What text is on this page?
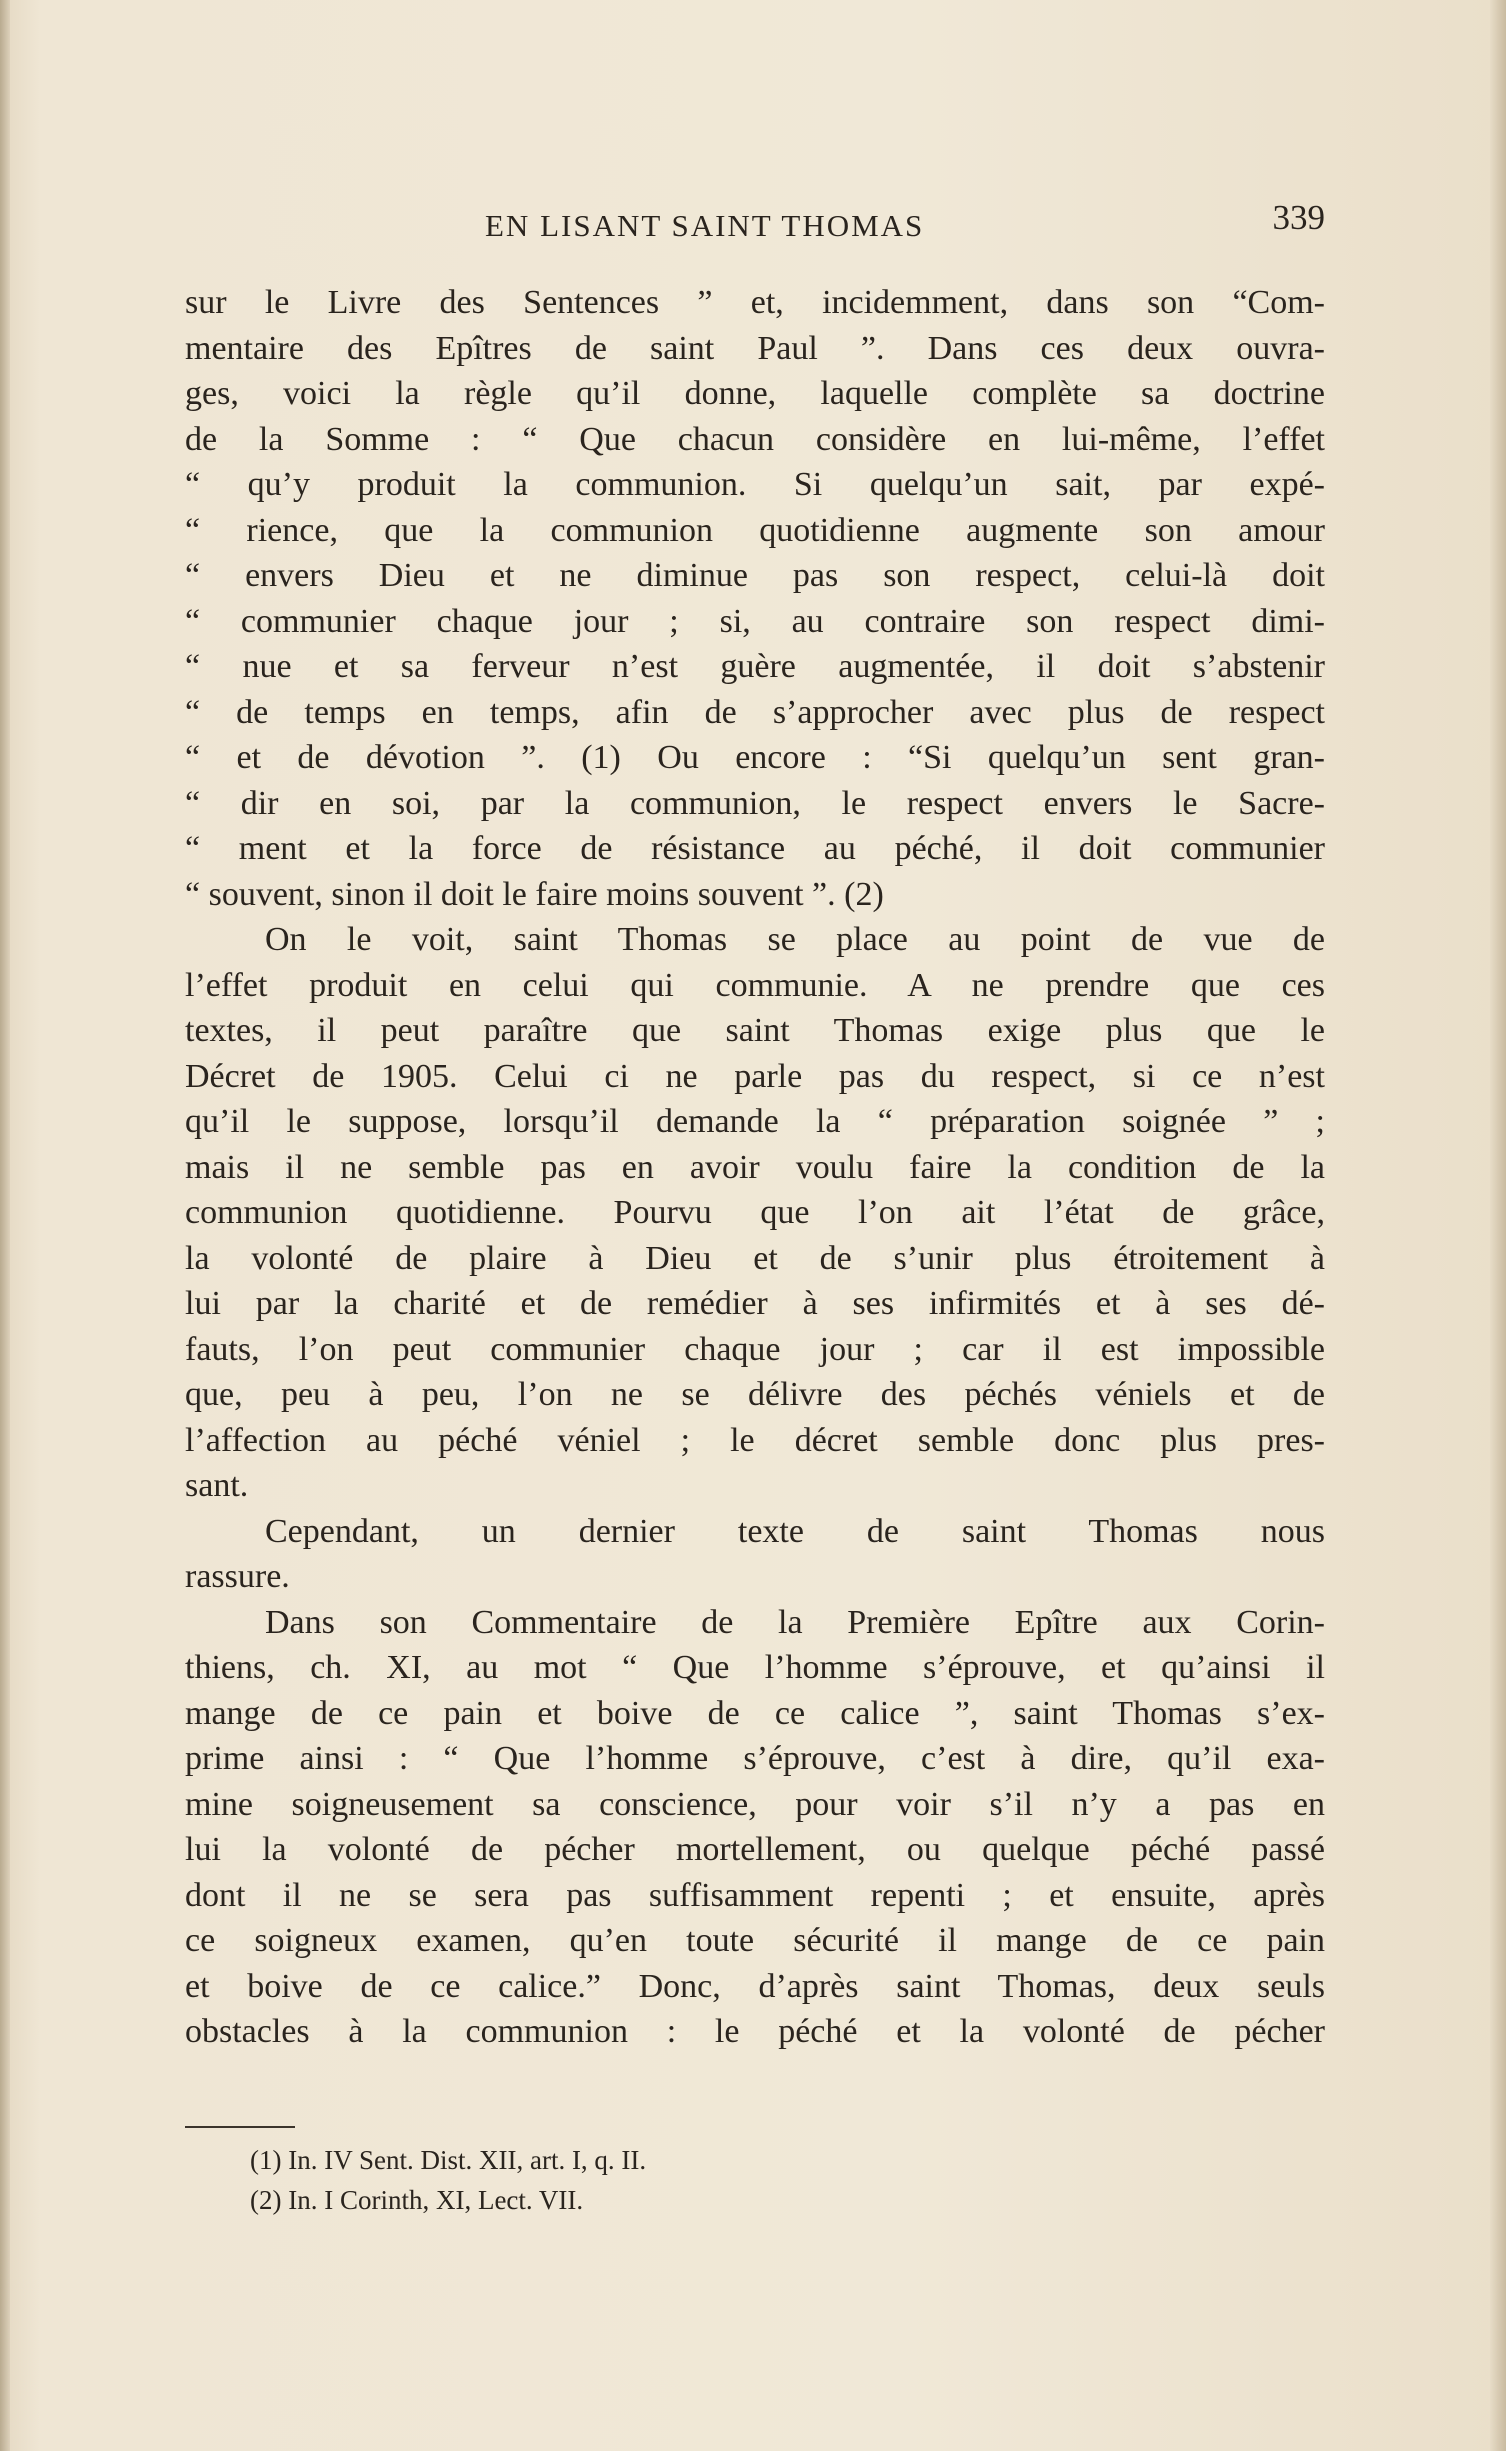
EN LISANT SAINT THOMAS	339
sur le Livre des Sentences ” et, incidemment, dans son “Com-
mentaire des Epîtres de saint Paul ”. Dans ces deux ouvra-
ges, voici la règle qu’il donne, laquelle complète sa doctrine
de la Somme : “ Que chacun considère en lui-même, l’effet
“ qu’y produit la communion. Si quelqu’un sait, par expé-
“ rience, que la communion quotidienne augmente son amour
“ envers Dieu et ne diminue pas son respect, celui-là doit
“ communier chaque jour ; si, au contraire son respect dimi-
“ nue et sa ferveur n’est guère augmentée, il doit s’abstenir
“ de temps en temps, afin de s’approcher avec plus de respect
“ et de dévotion ”. (1) Ou encore : “Si quelqu’un sent gran-
“ dir en soi, par la communion, le respect envers le Sacre-
“ ment et la force de résistance au péché, il doit communier
“ souvent, sinon il doit le faire moins souvent ”. (2)
On le voit, saint Thomas se place au point de vue de
l’effet produit en celui qui communie. A ne prendre que ces
textes, il peut paraître que saint Thomas exige plus que le
Décret de 1905. Celui ci ne parle pas du respect, si ce n’est
qu’il le suppose, lorsqu’il demande la “ préparation soignée ” ;
mais il ne semble pas en avoir voulu faire la condition de la
communion quotidienne. Pourvu que l’on ait l’état de grâce,
la volonté de plaire à Dieu et de s’unir plus étroitement à
lui par la charité et de remédier à ses infirmités et à ses dé-
fauts, l’on peut communier chaque jour ; car il est impossible
que, peu à peu, l’on ne se délivre des péchés véniels et de
l’affection au péché véniel ; le décret semble donc plus pres-
sant.
Cependant, un dernier texte de saint Thomas nous
rassure.
Dans son Commentaire de la Première Epître aux Corin-
thiens, ch. XI, au mot “ Que l’homme s’éprouve, et qu’ainsi il
mange de ce pain et boive de ce calice ”, saint Thomas s’ex-
prime ainsi : “ Que l’homme s’éprouve, c’est à dire, qu’il exa-
mine soigneusement sa conscience, pour voir s’il n’y a pas en
lui la volonté de pécher mortellement, ou quelque péché passé
dont il ne se sera pas suffisamment repenti ; et ensuite, après
ce soigneux examen, qu’en toute sécurité il mange de ce pain
et boive de ce calice.” Donc, d’après saint Thomas, deux seuls
obstacles à la communion : le péché et la volonté de pécher
(1) In. IV Sent. Dist. XII, art. I, q. II.
(2) In. I Corinth, XI, Lect. VII.
